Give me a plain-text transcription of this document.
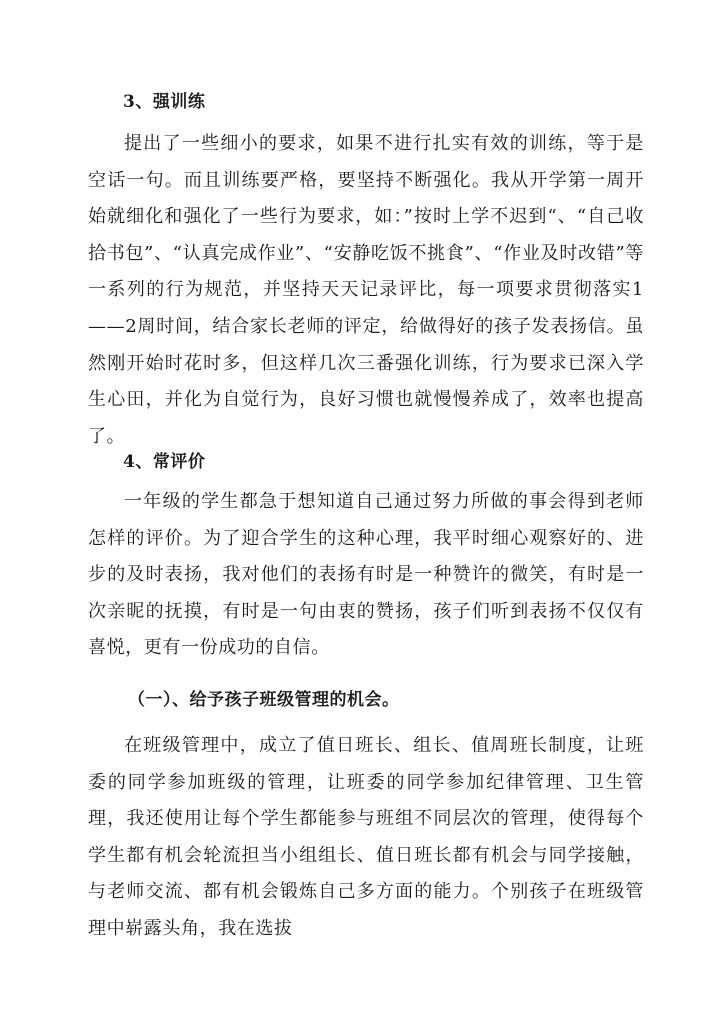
3、强训练
提出了一些细小的要求，如果不进行扎实有效的训练，等于是空话一句。而且训练要严格，要坚持不断强化。我从开学第一周开始就细化和强化了一些行为要求，如：”按时上学不迟到“、“自己收拾书包”、“认真完成作业”、“安静吃饭不挑食”、“作业及时改错”等一系列的行为规范，并坚持天天记录评比，每一项要求贯彻落实1——2周时间，结合家长老师的评定，给做得好的孩子发表扬信。虽然刚开始时花时多，但这样几次三番强化训练，行为要求已深入学生心田，并化为自觉行为，良好习惯也就慢慢养成了，效率也提高了。
4、常评价
一年级的学生都急于想知道自己通过努力所做的事会得到老师怎样的评价。为了迎合学生的这种心理，我平时细心观察好的、进步的及时表扬，我对他们的表扬有时是一种赞许的微笑，有时是一次亲昵的抚摸，有时是一句由衷的赞扬，孩子们听到表扬不仅仅有喜悦，更有一份成功的自信。
（一）、给予孩子班级管理的机会。
在班级管理中，成立了值日班长、组长、值周班长制度，让班委的同学参加班级的管理，让班委的同学参加纪律管理、卫生管理，我还使用让每个学生都能参与班组不同层次的管理，使得每个学生都有机会轮流担当小组组长、值日班长都有机会与同学接触，与老师交流、都有机会锻炼自己多方面的能力。个别孩子在班级管理中崭露头角，我在选拔
